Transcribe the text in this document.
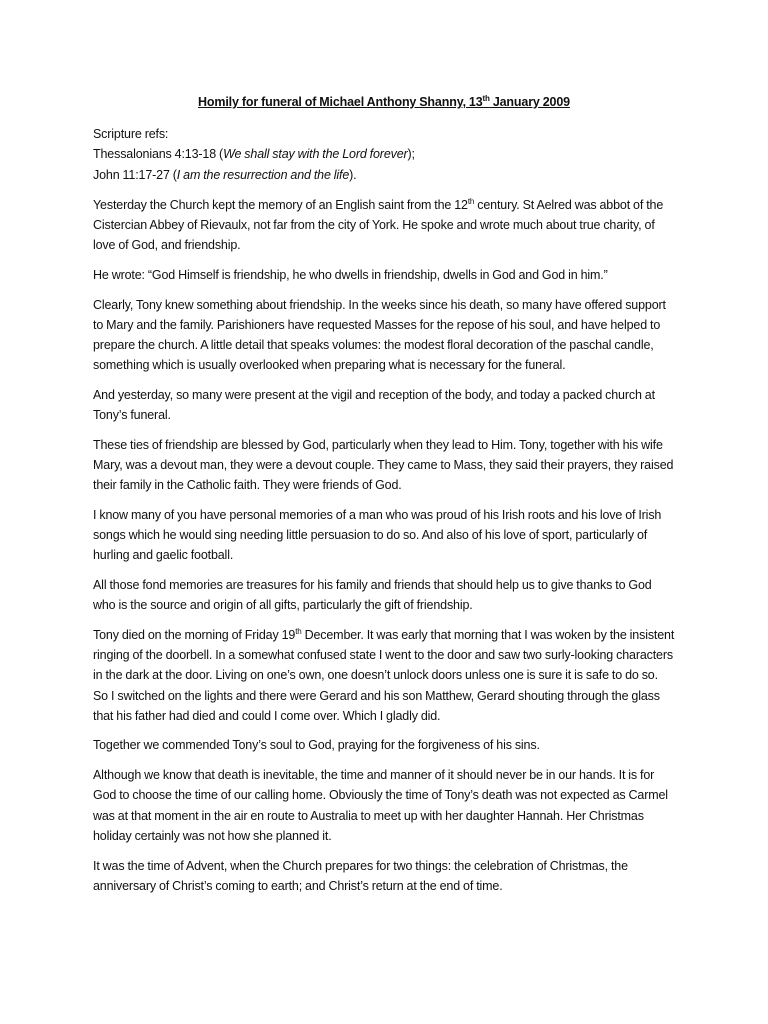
Homily for funeral of Michael Anthony Shanny, 13th January 2009
Scripture refs:
Thessalonians 4:13-18 (We shall stay with the Lord forever);
John 11:17-27 (I am the resurrection and the life).

Yesterday the Church kept the memory of an English saint from the 12th century. St Aelred was abbot of the Cistercian Abbey of Rievaulx, not far from the city of York. He spoke and wrote much about true charity, of love of God, and friendship.

He wrote: “God Himself is friendship, he who dwells in friendship, dwells in God and God in him.”

Clearly, Tony knew something about friendship. In the weeks since his death, so many have offered support to Mary and the family. Parishioners have requested Masses for the repose of his soul, and have helped to prepare the church. A little detail that speaks volumes: the modest floral decoration of the paschal candle, something which is usually overlooked when preparing what is necessary for the funeral.

And yesterday, so many were present at the vigil and reception of the body, and today a packed church at Tony’s funeral.

These ties of friendship are blessed by God, particularly when they lead to Him. Tony, together with his wife Mary, was a devout man, they were a devout couple. They came to Mass, they said their prayers, they raised their family in the Catholic faith. They were friends of God.

I know many of you have personal memories of a man who was proud of his Irish roots and his love of Irish songs which he would sing needing little persuasion to do so. And also of his love of sport, particularly of hurling and gaelic football.

All those fond memories are treasures for his family and friends that should help us to give thanks to God who is the source and origin of all gifts, particularly the gift of friendship.

Tony died on the morning of Friday 19th December. It was early that morning that I was woken by the insistent ringing of the doorbell. In a somewhat confused state I went to the door and saw two surly-looking characters in the dark at the door. Living on one’s own, one doesn’t unlock doors unless one is sure it is safe to do so. So I switched on the lights and there were Gerard and his son Matthew, Gerard shouting through the glass that his father had died and could I come over. Which I gladly did.

Together we commended Tony’s soul to God, praying for the forgiveness of his sins.

Although we know that death is inevitable, the time and manner of it should never be in our hands. It is for God to choose the time of our calling home. Obviously the time of Tony’s death was not expected as Carmel was at that moment in the air en route to Australia to meet up with her daughter Hannah. Her Christmas holiday certainly was not how she planned it.

It was the time of Advent, when the Church prepares for two things: the celebration of Christmas, the anniversary of Christ’s coming to earth; and Christ’s return at the end of time.
